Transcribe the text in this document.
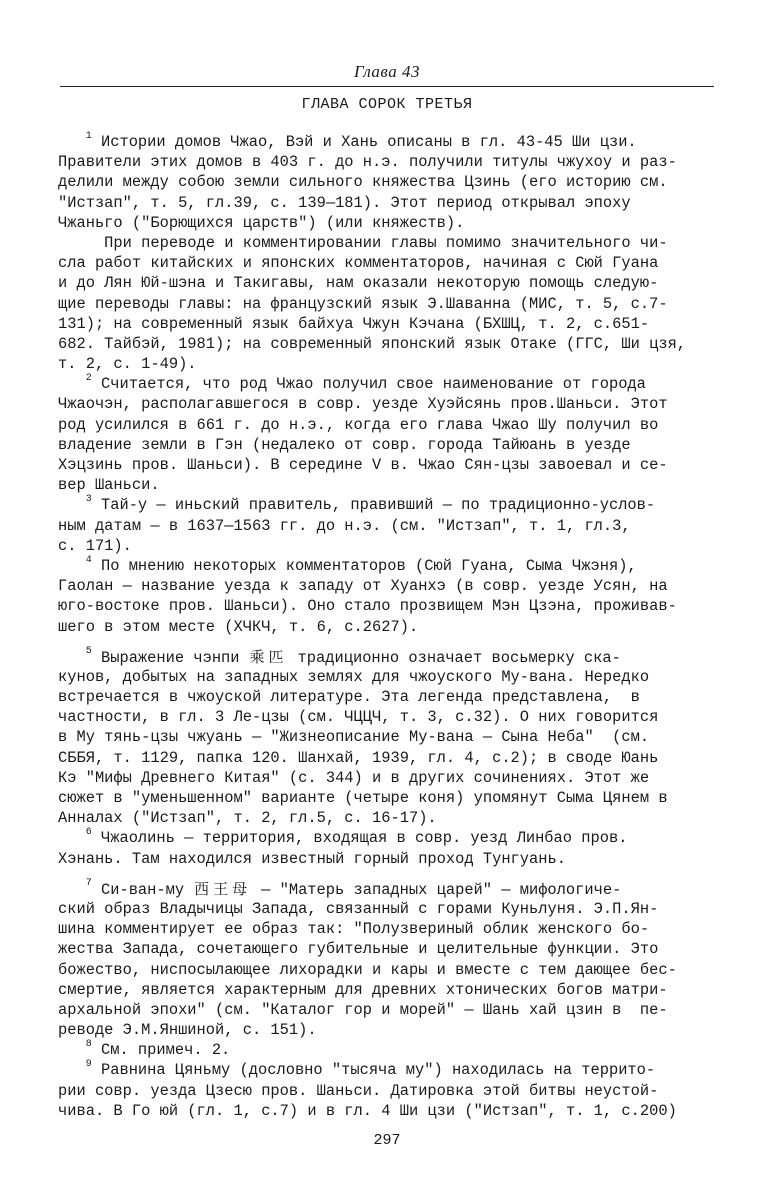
Глава 43
ГЛАВА СОРОК ТРЕТЬЯ
$^1$ Истории домов Чжао, Вэй и Хань описаны в гл. 43-45 Ши цзи.
Правители этих домов в 403 г. до н.э. получили титулы чжухоу и раз-
делили между собою земли сильного княжества Цзинь (его историю см.
"Истзап", т. 5, гл.39, с. 139—181). Этот период открывал эпоху
Чжаньго ("Борющихся царств") (или княжеств).
При переводе и комментировании главы помимо значительного чи-
сла работ китайских и японских комментаторов, начиная с Сюй Гуана
и до Лян Юй-шэна и Такигавы, нам оказали некоторую помощь следую-
щие переводы главы: на французский язык Э.Шаванна (МИС, т. 5, с.7-
131); на современный язык байхуа Чжун Кэчана (БХШЦ, т. 2, с.651-
682. Тайбэй, 1981); на современный японский язык Отаке (ГГС, Ши цзя,
т. 2, с. 1-49).
$^2$ Считается, что род Чжао получил свое наименование от города
Чжаочэн, располагавшегося в совр. уезде Хуэйсянь пров.Шаньси. Этот
род усилился в 661 г. до н.э., когда его глава Чжао Шу получил во
владение земли в Гэн (недалеко от совр. города Тайюань в уезде
Хэцзинь пров. Шаньси). В середине V в. Чжао Сян-цзы завоевал и се-
вер Шаньси.
$^3$ Тай-у — иньский правитель, правивший — по традиционно-услов-
ным датам — в 1637—1563 гг. до н.э. (см. "Истзап", т. 1, гл.3,
с. 171).
$^4$ По мнению некоторых комментаторов (Сюй Гуана, Сыма Чжэня),
Гаолан — название уезда к западу от Хуанхэ (в совр. уезде Усян, на
юго-востоке пров. Шаньси). Оно стало прозвищем Мэн Цзэна, проживав-
шего в этом месте (ХЧКЧ, т. 6, с.2627).
$^5$ Выражение чэнпи 乘匹 традиционно означает восьмерку ска-
кунов, добытых на западных землях для чжоуского Му-вана. Нередко
встречается в чжоуской литературе. Эта легенда представлена,  в
частности, в гл. 3 Ле-цзы (см. ЧЦЦЧ, т. 3, с.32). О них говорится
в Му тянь-цзы чжуань — "Жизнеописание Му-вана — Сына Неба"  (см.
СББЯ, т. 1129, папка 120. Шанхай, 1939, гл. 4, с.2); в своде Юань
Кэ "Мифы Древнего Китая" (с. 344) и в других сочинениях. Этот же
сюжет в "уменьшенном" варианте (четыре коня) упомянут Сыма Цянем в
Анналах ("Истзап", т. 2, гл.5, с. 16-17).
$^6$ Чжаолинь — территория, входящая в совр. уезд Линбао пров.
Хэнань. Там находился известный горный проход Тунгуань.
$^7$ Си-ван-му 西王母 — "Матерь западных царей" — мифологиче-
ский образ Владычицы Запада, связанный с горами Куньлуня. Э.П.Ян-
шина комментирует ее образ так: "Полузвериный облик женского бо-
жества Запада, сочетающего губительные и целительные функции. Это
божество, ниспосылающее лихорадки и кары и вместе с тем дающее бес-
смертие, является характерным для древних хтонических богов матри-
архальной эпохи" (см. "Каталог гор и морей" — Шань хай цзин в  пе-
реводе Э.М.Яншиной, с. 151).
$^8$ См. примеч. 2.
$^9$ Равнина Цяньму (дословно "тысяча му") находилась на террито-
рии совр. уезда Цзесю пров. Шаньси. Датировка этой битвы неустой-
чива. В Го юй (гл. 1, с.7) и в гл. 4 Ши цзи ("Истзап", т. 1, с.200)
297
